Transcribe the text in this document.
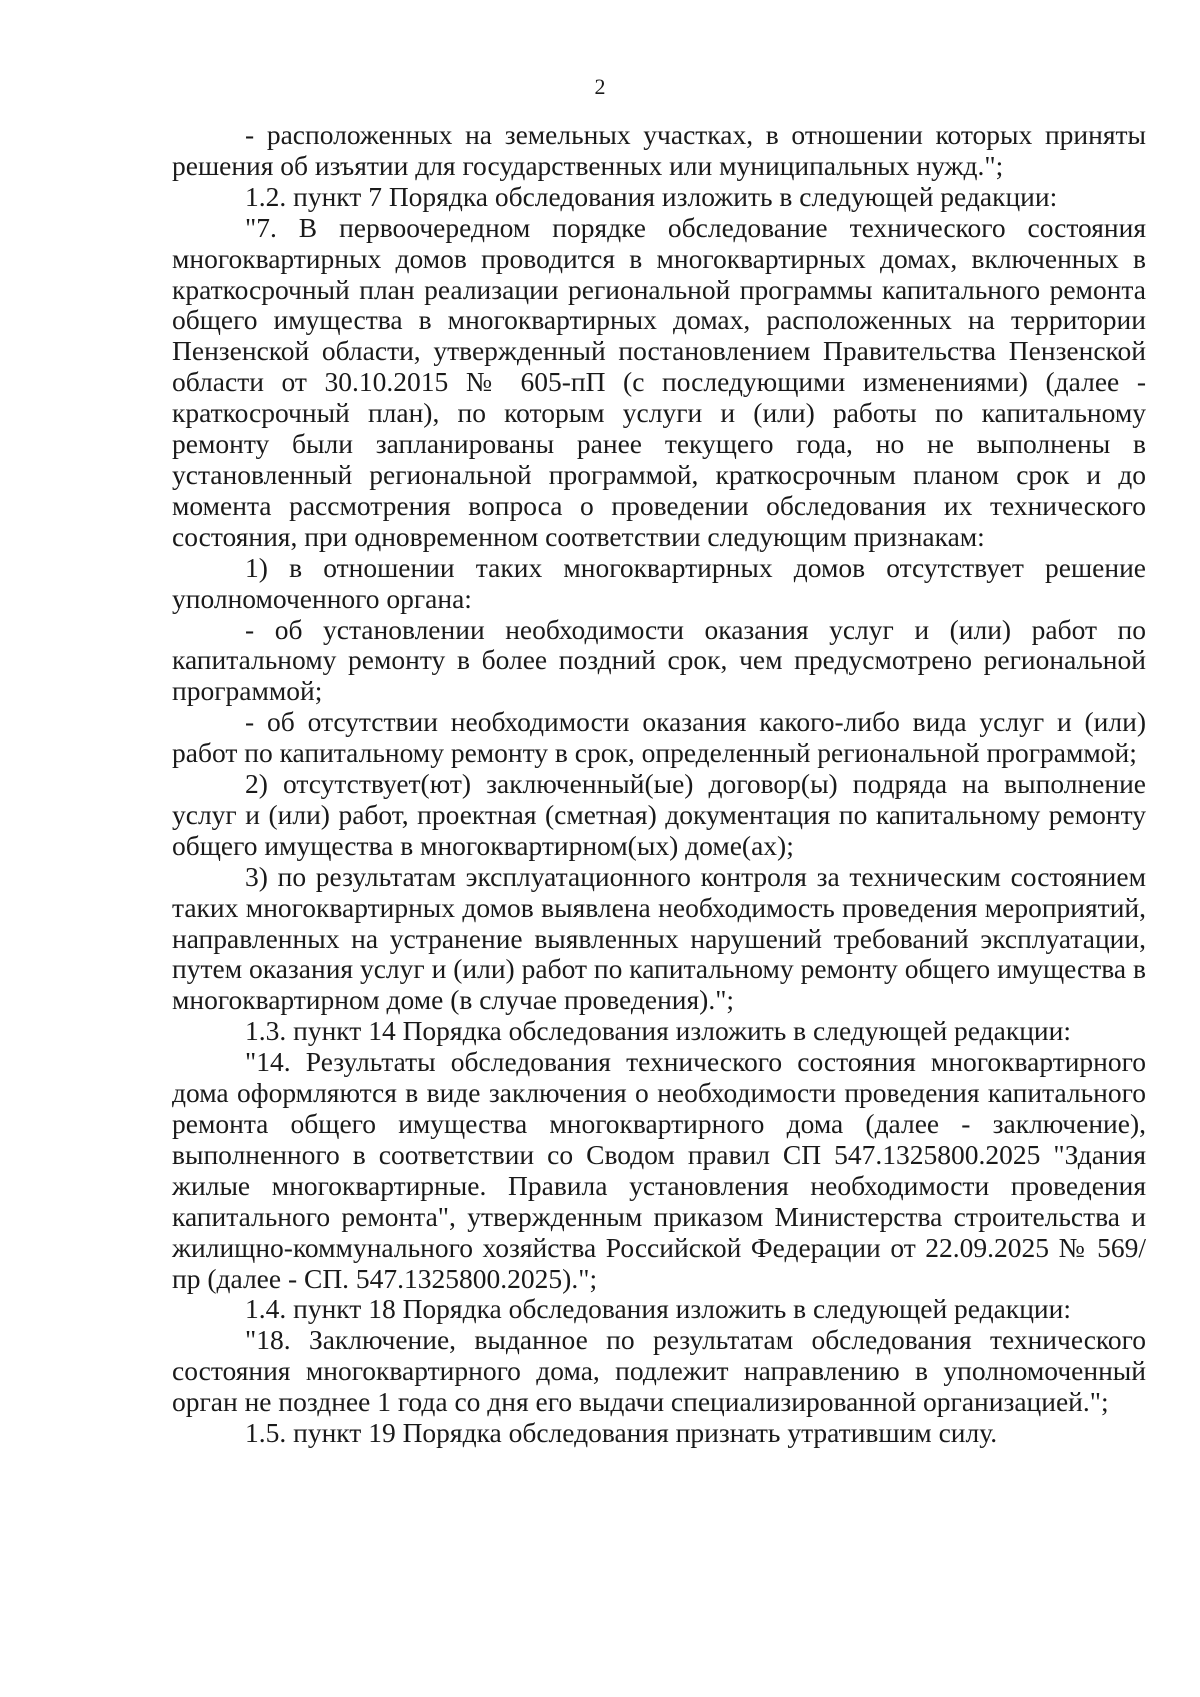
2

- расположенных на земельных участках, в отношении которых приняты решения об изъятии для государственных или муниципальных нужд.";

1.2. пункт 7 Порядка обследования изложить в следующей редакции:

"7. В первоочередном порядке обследование технического состояния многоквартирных домов проводится в многоквартирных домах, включенных в краткосрочный план реализации региональной программы капитального ремонта общего имущества в многоквартирных домах, расположенных на территории Пензенской области, утвержденный постановлением Правительства Пензенской области от 30.10.2015 № 605-пП (с последующими изменениями) (далее - краткосрочный план), по которым услуги и (или) работы по капитальному ремонту были запланированы ранее текущего года, но не выполнены в установленный региональной программой, краткосрочным планом срок и до момента рассмотрения вопроса о проведении обследования их технического состояния, при одновременном соответствии следующим признакам:

1) в отношении таких многоквартирных домов отсутствует решение уполномоченного органа:

- об установлении необходимости оказания услуг и (или) работ по капитальному ремонту в более поздний срок, чем предусмотрено региональной программой;

- об отсутствии необходимости оказания какого-либо вида услуг и (или) работ по капитальному ремонту в срок, определенный региональной программой;

2) отсутствует(ют) заключенный(ые) договор(ы) подряда на выполнение услуг и (или) работ, проектная (сметная) документация по капитальному ремонту общего имущества в многоквартирном(ых) доме(ах);

3) по результатам эксплуатационного контроля за техническим состоянием таких многоквартирных домов выявлена необходимость проведения мероприятий, направленных на устранение выявленных нарушений требований эксплуатации, путем оказания услуг и (или) работ по капитальному ремонту общего имущества в многоквартирном доме (в случае проведения).";

1.3. пункт 14 Порядка обследования изложить в следующей редакции:

"14. Результаты обследования технического состояния многоквартирного дома оформляются в виде заключения о необходимости проведения капитального ремонта общего имущества многоквартирного дома (далее - заключение), выполненного в соответствии со Сводом правил СП 547.1325800.2025 "Здания жилые многоквартирные. Правила установления необходимости проведения капитального ремонта", утвержденным приказом Министерства строительства и жилищно-коммунального хозяйства Российской Федерации от 22.09.2025 № 569/пр (далее - СП. 547.1325800.2025).";

1.4. пункт 18 Порядка обследования изложить в следующей редакции:

"18. Заключение, выданное по результатам обследования технического состояния многоквартирного дома, подлежит направлению в уполномоченный орган не позднее 1 года со дня его выдачи специализированной организацией.";

1.5. пункт 19 Порядка обследования признать утратившим силу.
